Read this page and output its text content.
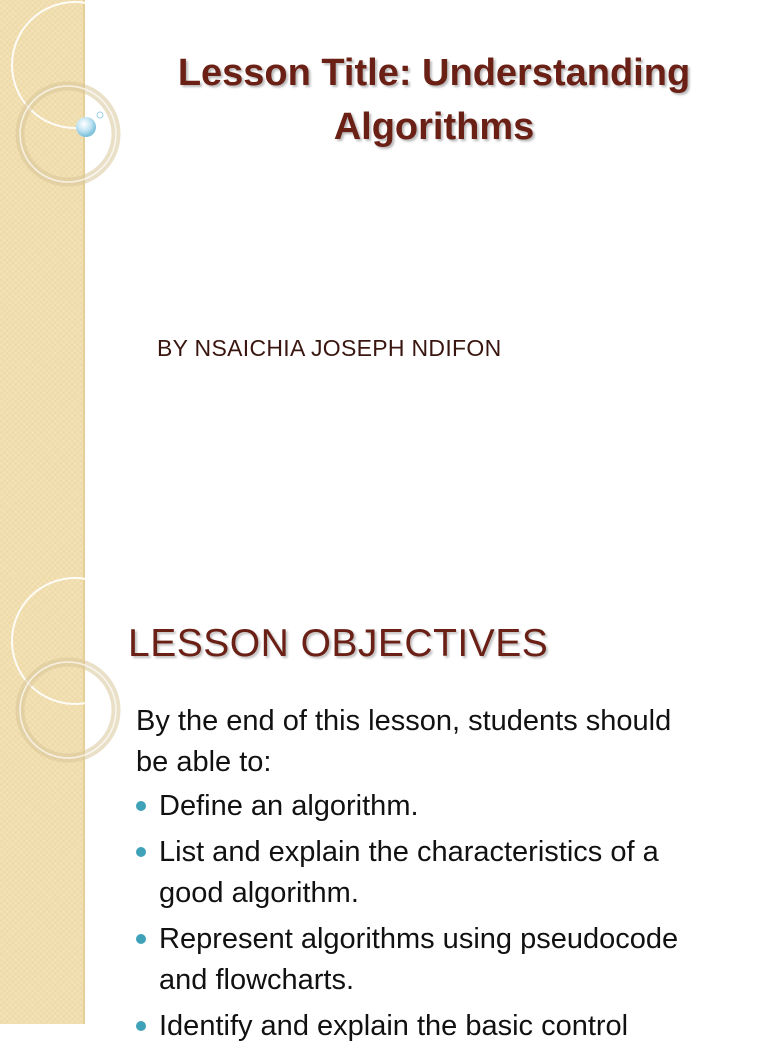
Lesson Title: Understanding
Algorithms
BY NSAICHIA JOSEPH NDIFON
LESSON OBJECTIVES
By the end of this lesson, students should
be able to:
Define an algorithm.
List and explain the characteristics of a
good algorithm.
Represent algorithms using pseudocode
and flowcharts.
Identify and explain the basic control
